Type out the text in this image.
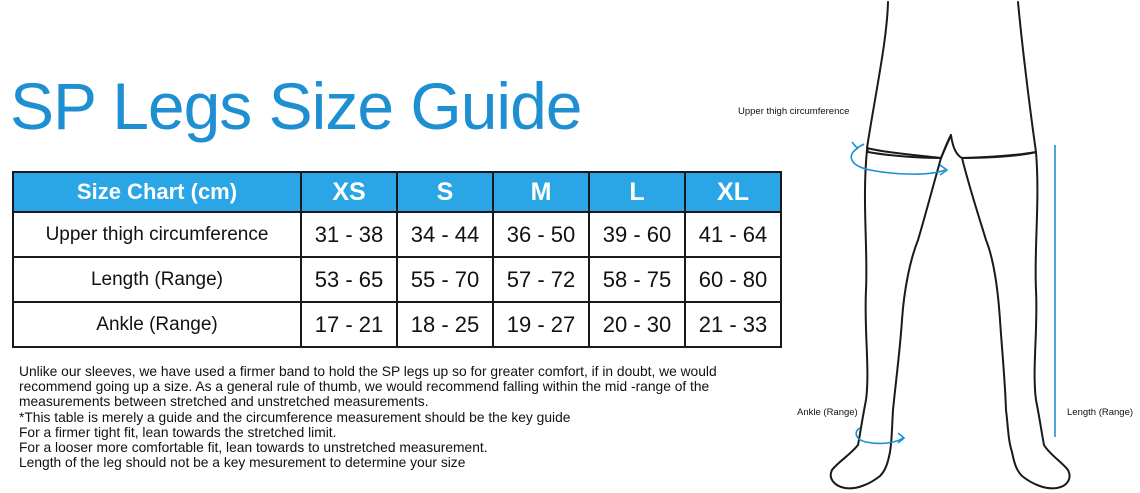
SP Legs Size Guide
Size Chart (cm)	XS	S	M	L	XL
Upper thigh circumference	31 - 38	34 - 44	36 - 50	39 - 60	41 - 64
Length (Range)	53 - 65	55 - 70	57 - 72	58 - 75	60 - 80
Ankle (Range)	17 - 21	18 - 25	19 - 27	20 - 30	21 - 33
Unlike our sleeves, we have used a firmer band to hold the SP legs up so for greater comfort, if in doubt, we would
recommend going up a size. As a general rule of thumb, we would recommend falling within the mid -range of the
measurements between stretched and unstretched measurements.
*This table is merely a guide and the circumference measurement should be the key guide
For a firmer tight fit, lean towards the stretched limit.
For a looser more comfortable fit, lean towards to unstretched measurement.
Length of the leg should not be a key mesurement to determine your size
Upper thigh circumference
Ankle (Range)	Length (Range)
